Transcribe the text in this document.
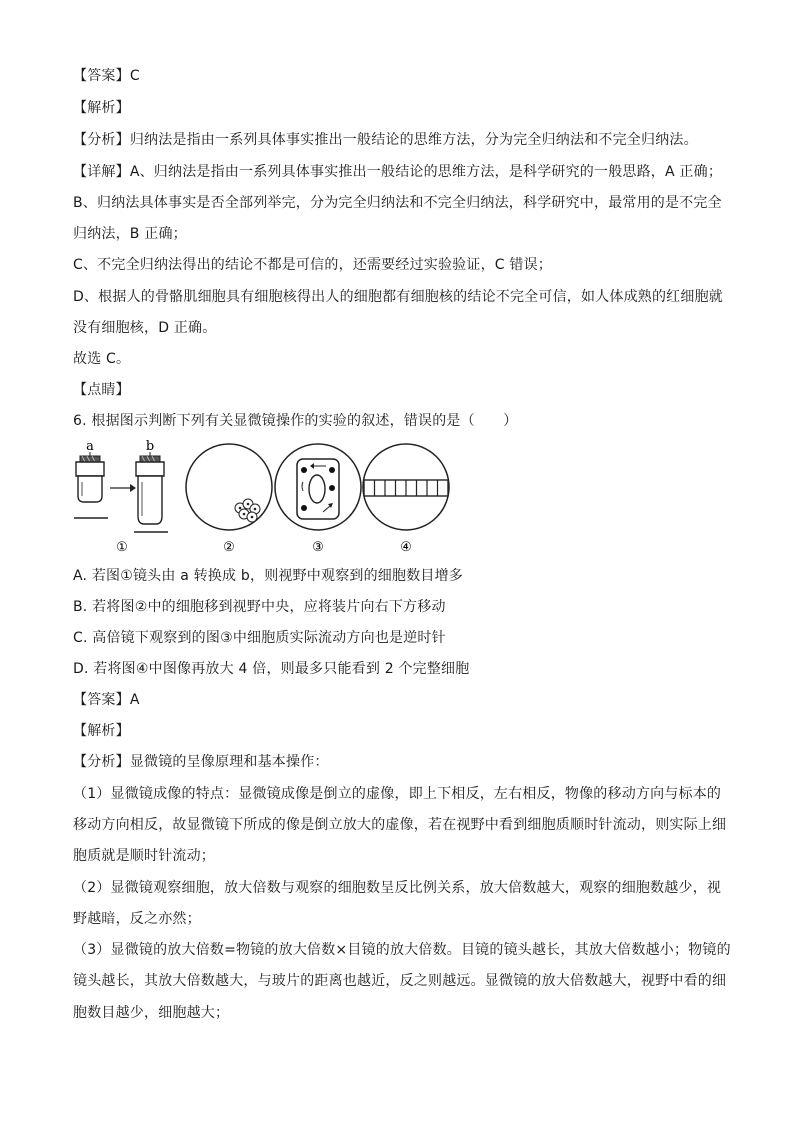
【答案】C
【解析】
【分析】归纳法是指由一系列具体事实推出一般结论的思维方法，分为完全归纳法和不完全归纳法。
【详解】A、归纳法是指由一系列具体事实推出一般结论的思维方法，是科学研究的一般思路，A 正确；
B、归纳法具体事实是否全部列举完，分为完全归纳法和不完全归纳法，科学研究中，最常用的是不完全
归纳法，B 正确；
C、不完全归纳法得出的结论不都是可信的，还需要经过实验验证，C 错误；
D、根据人的骨骼肌细胞具有细胞核得出人的细胞都有细胞核的结论不完全可信，如人体成熟的红细胞就
没有细胞核，D 正确。
故选 C。
【点睛】
6. 根据图示判断下列有关显微镜操作的实验的叙述，错误的是（　　）
a	b
①	②	③	④
A. 若图①镜头由 a 转换成 b，则视野中观察到的细胞数目增多
B. 若将图②中的细胞移到视野中央，应将装片向右下方移动
C. 高倍镜下观察到的图③中细胞质实际流动方向也是逆时针
D. 若将图④中图像再放大 4 倍，则最多只能看到 2 个完整细胞
【答案】A
【解析】
【分析】显微镜的呈像原理和基本操作：
（1）显微镜成像的特点：显微镜成像是倒立的虚像，即上下相反，左右相反，物像的移动方向与标本的
移动方向相反，故显微镜下所成的像是倒立放大的虚像，若在视野中看到细胞质顺时针流动，则实际上细
胞质就是顺时针流动；
（2）显微镜观察细胞，放大倍数与观察的细胞数呈反比例关系，放大倍数越大，观察的细胞数越少，视
野越暗，反之亦然；
（3）显微镜的放大倍数=物镜的放大倍数×目镜的放大倍数。目镜的镜头越长，其放大倍数越小；物镜的
镜头越长，其放大倍数越大，与玻片的距离也越近，反之则越远。显微镜的放大倍数越大，视野中看的细
胞数目越少，细胞越大；
